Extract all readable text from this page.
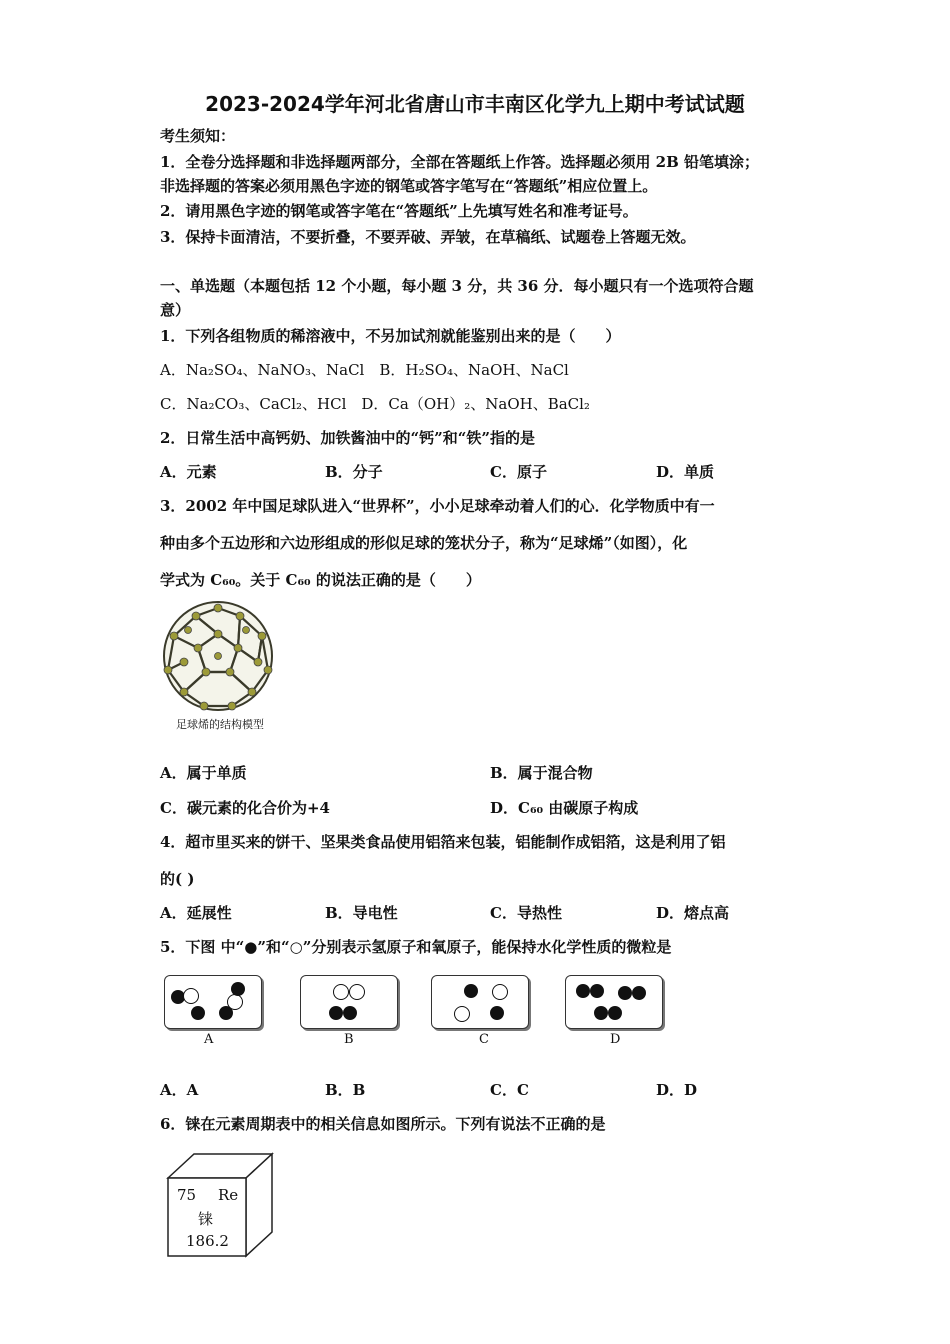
2023-2024学年河北省唐山市丰南区化学九上期中考试试题
考生须知：
1．全卷分选择题和非选择题两部分，全部在答题纸上作答。选择题必须用 2B 铅笔填涂；
非选择题的答案必须用黑色字迹的钢笔或答字笔写在“答题纸”相应位置上。
2．请用黑色字迹的钢笔或答字笔在“答题纸”上先填写姓名和准考证号。
3．保持卡面清洁，不要折叠，不要弄破、弄皱，在草稿纸、试题卷上答题无效。
一、单选题（本题包括 12 个小题，每小题 3 分，共 36 分．每小题只有一个选项符合题
意）
1．下列各组物质的稀溶液中，不另加试剂就能鉴别出来的是（　　）
A．Na₂SO₄、NaNO₃、NaCl　B．H₂SO₄、NaOH、NaCl
C．Na₂CO₃、CaCl₂、HCl　D．Ca（OH）₂、NaOH、BaCl₂
2．日常生活中高钙奶、加铁酱油中的“钙”和“铁”指的是
A．元素	B．分子	C．原子	D．单质
3．2002 年中国足球队进入“世界杯”，小小足球牵动着人们的心．化学物质中有一
种由多个五边形和六边形组成的形似足球的笼状分子，称为“足球烯”（如图），化
学式为 C₆₀。关于 C₆₀ 的说法正确的是（　　）
足球烯的结构模型
A．属于单质	B．属于混合物
C．碳元素的化合价为+4	D．C₆₀ 由碳原子构成
4．超市里买来的饼干、坚果类食品使用铝箔来包装，铝能制作成铝箔，这是利用了铝
的( )
A．延展性	B．导电性	C．导热性	D．熔点高
5．下图 中“●”和“○”分别表示氢原子和氧原子，能保持水化学性质的微粒是
A	B	C	D
A．A	B．B	C．C	D．D
6．铼在元素周期表中的相关信息如图所示。下列有说法不正确的是
75 Re
铼
186.2
